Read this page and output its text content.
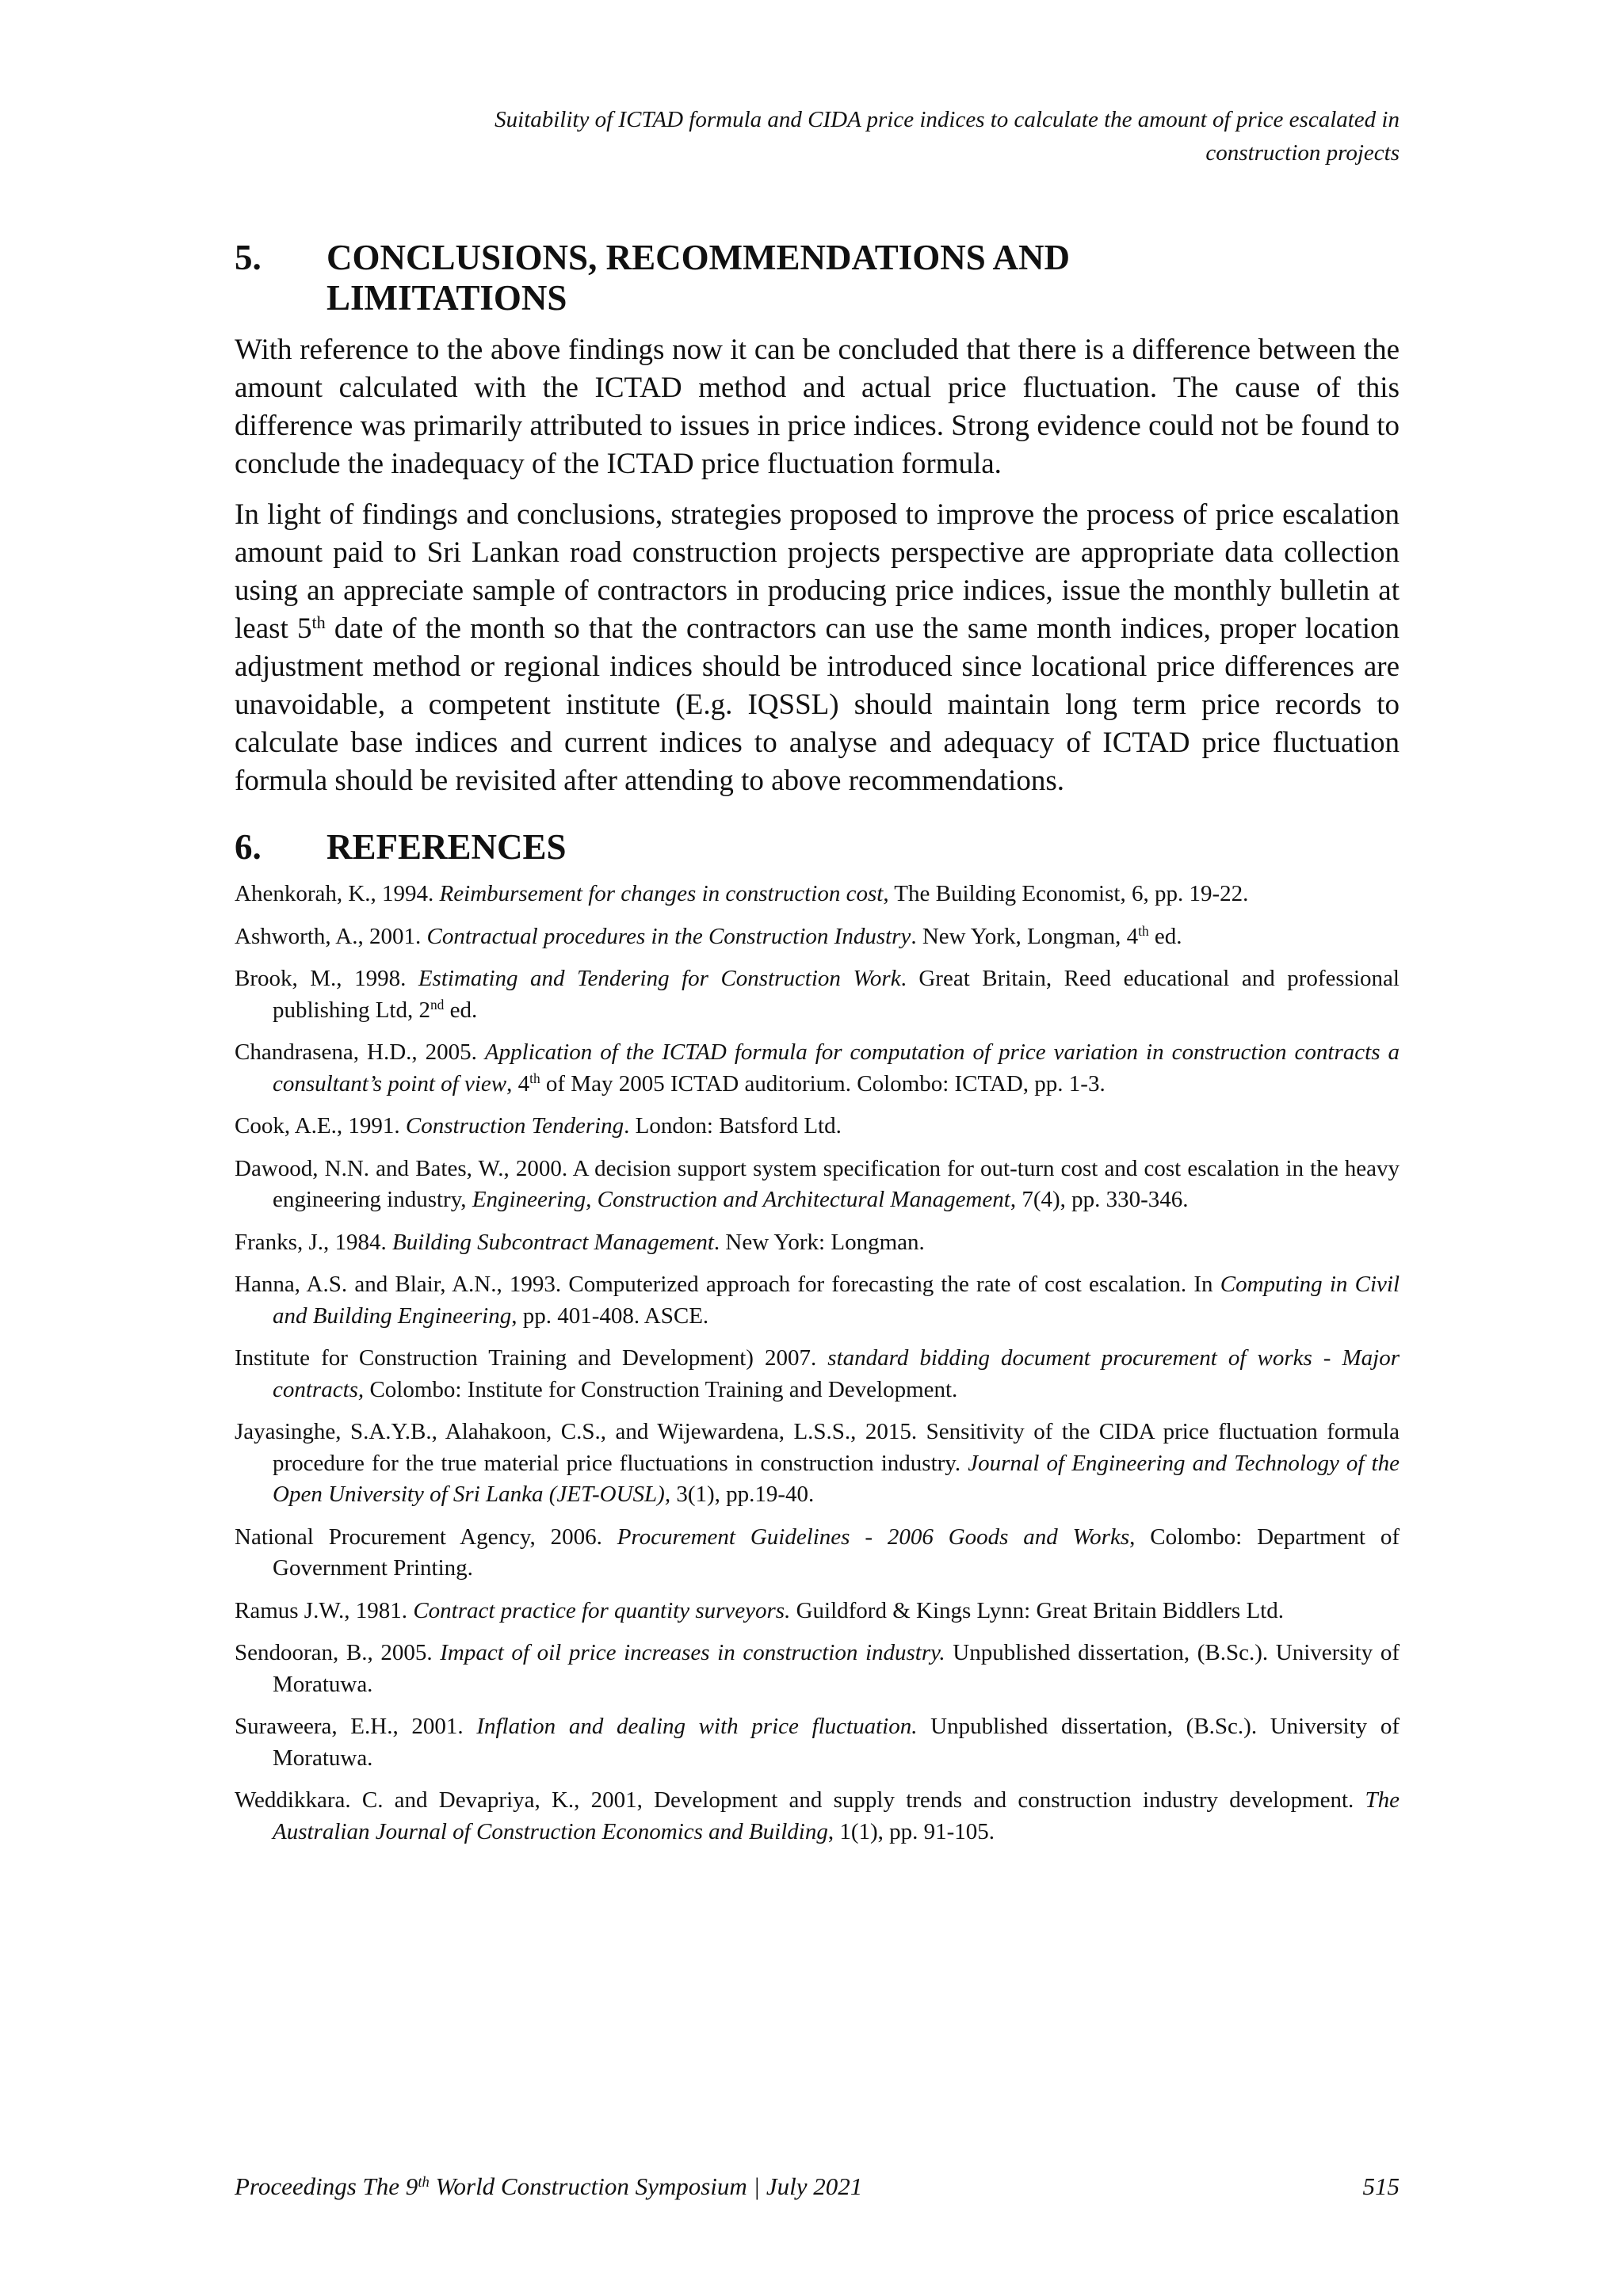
Suitability of ICTAD formula and CIDA price indices to calculate the amount of price escalated in
construction projects
5.	CONCLUSIONS, RECOMMENDATIONS AND
LIMITATIONS

With reference to the above findings now it can be concluded that there is a difference between the amount calculated with the ICTAD method and actual price fluctuation. The cause of this difference was primarily attributed to issues in price indices. Strong evidence could not be found to conclude the inadequacy of the ICTAD price fluctuation formula.

In light of findings and conclusions, strategies proposed to improve the process of price escalation amount paid to Sri Lankan road construction projects perspective are appropriate data collection using an appreciate sample of contractors in producing price indices, issue the monthly bulletin at least 5th date of the month so that the contractors can use the same month indices, proper location adjustment method or regional indices should be introduced since locational price differences are unavoidable, a competent institute (E.g. IQSSL) should maintain long term price records to calculate base indices and current indices to analyse and adequacy of ICTAD price fluctuation formula should be revisited after attending to above recommendations.

6.	REFERENCES

Ahenkorah, K., 1994. Reimbursement for changes in construction cost, The Building Economist, 6, pp. 19-22.

Ashworth, A., 2001. Contractual procedures in the Construction Industry. New York, Longman, 4th ed.

Brook, M., 1998. Estimating and Tendering for Construction Work. Great Britain, Reed educational and professional publishing Ltd, 2nd ed.

Chandrasena, H.D., 2005. Application of the ICTAD formula for computation of price variation in construction contracts a consultant’s point of view, 4th of May 2005 ICTAD auditorium. Colombo: ICTAD, pp. 1-3.

Cook, A.E., 1991. Construction Tendering. London: Batsford Ltd.

Dawood, N.N. and Bates, W., 2000. A decision support system specification for out-turn cost and cost escalation in the heavy engineering industry, Engineering, Construction and Architectural Management, 7(4), pp. 330-346.

Franks, J., 1984. Building Subcontract Management. New York: Longman.

Hanna, A.S. and Blair, A.N., 1993. Computerized approach for forecasting the rate of cost escalation. In Computing in Civil and Building Engineering, pp. 401-408. ASCE.

Institute for Construction Training and Development) 2007. standard bidding document procurement of works - Major contracts, Colombo: Institute for Construction Training and Development.

Jayasinghe, S.A.Y.B., Alahakoon, C.S., and Wijewardena, L.S.S., 2015. Sensitivity of the CIDA price fluctuation formula procedure for the true material price fluctuations in construction industry. Journal of Engineering and Technology of the Open University of Sri Lanka (JET-OUSL), 3(1), pp.19-40.

National Procurement Agency, 2006. Procurement Guidelines - 2006 Goods and Works, Colombo: Department of Government Printing.

Ramus J.W., 1981. Contract practice for quantity surveyors. Guildford & Kings Lynn: Great Britain Biddlers Ltd.

Sendooran, B., 2005. Impact of oil price increases in construction industry. Unpublished dissertation, (B.Sc.). University of Moratuwa.

Suraweera, E.H., 2001. Inflation and dealing with price fluctuation. Unpublished dissertation, (B.Sc.). University of Moratuwa.

Weddikkara. C. and Devapriya, K., 2001, Development and supply trends and construction industry development. The Australian Journal of Construction Economics and Building, 1(1), pp. 91-105.

Proceedings The 9th World Construction Symposium | July 2021	515
